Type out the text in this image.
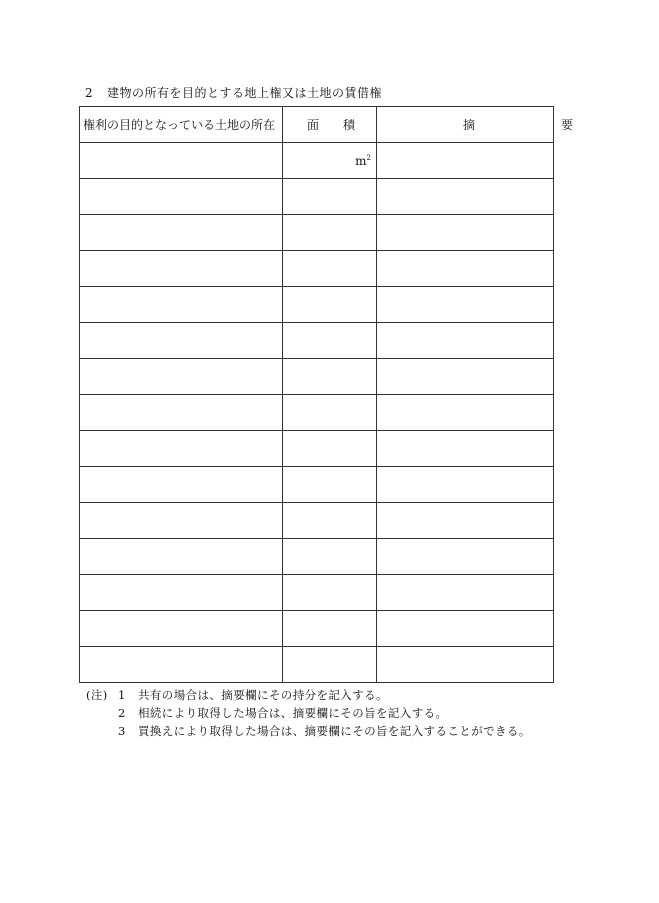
2 建物の所有を目的とする地上権又は土地の賃借権
権利の目的となっている土地の所在	面積	摘要
	$m^2$	

(注) 1	共有の場合は、摘要欄にその持分を記入する。
2	相続により取得した場合は、摘要欄にその旨を記入する。
3	買換えにより取得した場合は、摘要欄にその旨を記入することができる。
